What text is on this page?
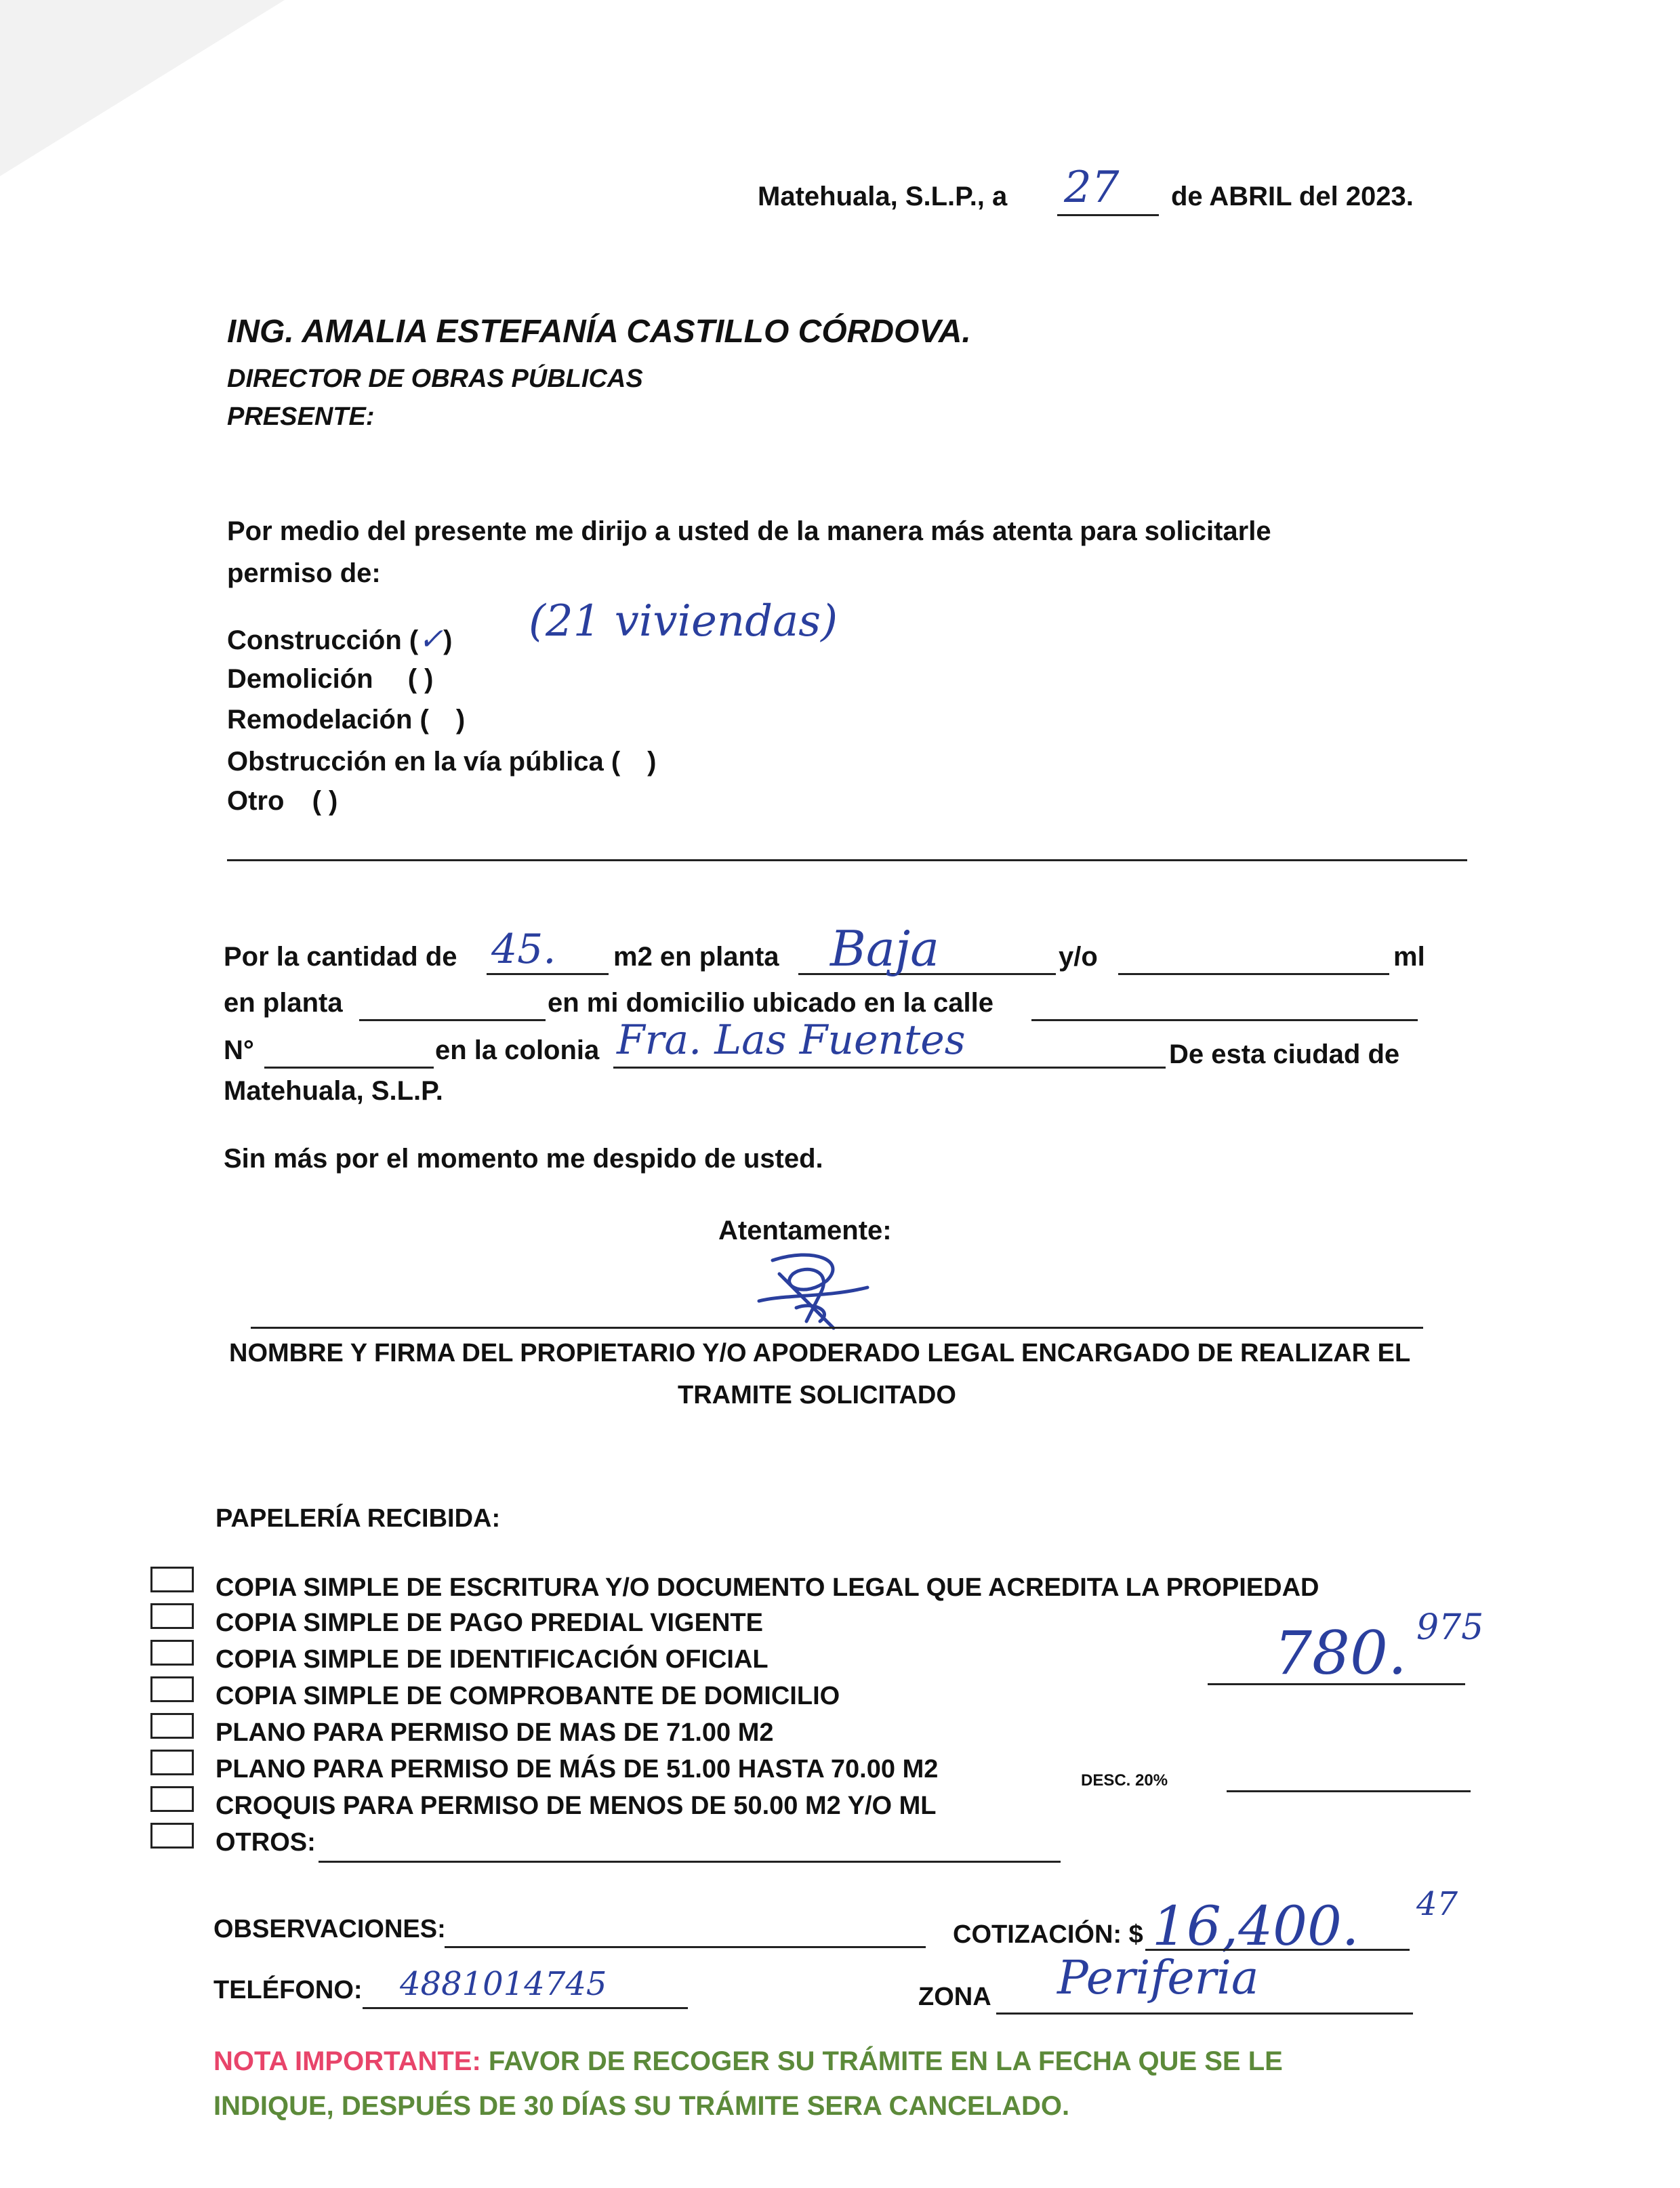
Matehuala, S.L.P., a 27 de ABRIL del 2023.
ING. AMALIA ESTEFANÍA CASTILLO CÓRDOVA.
DIRECTOR DE OBRAS PÚBLICAS
PRESENTE:
Por medio del presente me dirijo a usted de la manera más atenta para solicitarle
permiso de:
Construcción (✓) (21 viviendas)
Demolición ( )
Remodelación ( )
Obstrucción en la vía pública ( )
Otro ( )
Por la cantidad de 45. m2 en planta Baja	y/o	ml
en planta	en mi domicilio ubicado en la calle
N°	en la colonia Fra. Las Fuentes	De esta ciudad de
Matehuala, S.L.P.
Sin más por el momento me despido de usted.
Atentamente:
NOMBRE Y FIRMA DEL PROPIETARIO Y/O APODERADO LEGAL ENCARGADO DE REALIZAR EL
TRAMITE SOLICITADO
PAPELERÍA RECIBIDA:
COPIA SIMPLE DE ESCRITURA Y/O DOCUMENTO LEGAL QUE ACREDITA LA PROPIEDAD
COPIA SIMPLE DE PAGO PREDIAL VIGENTE
COPIA SIMPLE DE IDENTIFICACIÓN OFICIAL
COPIA SIMPLE DE COMPROBANTE DE DOMICILIO
PLANO PARA PERMISO DE MAS DE 71.00 M2
PLANO PARA PERMISO DE MÁS DE 51.00 HASTA 70.00 M2
CROQUIS PARA PERMISO DE MENOS DE 50.00 M2 Y/O ML
OTROS:
780. 975
DESC. 20%
OBSERVACIONES:	COTIZACIÓN: $ 16,400. 47
TELÉFONO: 4881014745	ZONA Periferia
NOTA IMPORTANTE: FAVOR DE RECOGER SU TRÁMITE EN LA FECHA QUE SE LE
INDIQUE, DESPUÉS DE 30 DÍAS SU TRÁMITE SERA CANCELADO.
